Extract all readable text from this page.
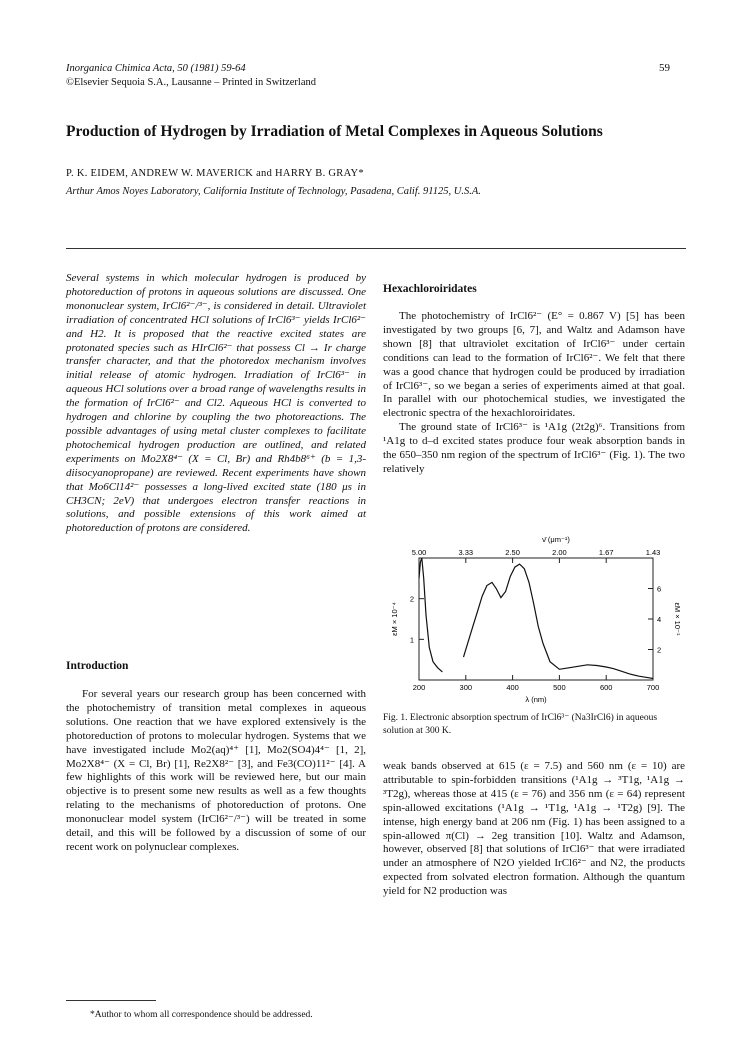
Inorganica Chimica Acta, 50 (1981) 59-64
©Elsevier Sequoia S.A., Lausanne – Printed in Switzerland
59
Production of Hydrogen by Irradiation of Metal Complexes in Aqueous Solutions
P. K. EIDEM, ANDREW W. MAVERICK and HARRY B. GRAY*
Arthur Amos Noyes Laboratory, California Institute of Technology, Pasadena, Calif. 91125, U.S.A.
Several systems in which molecular hydrogen is produced by photoreduction of protons in aqueous solutions are discussed. One mononuclear system, IrCl6²⁻/³⁻, is considered in detail. Ultraviolet irradiation of concentrated HCl solutions of IrCl6³⁻ yields IrCl6²⁻ and H2. It is proposed that the reactive excited states are protonated species such as HIrCl6²⁻ that possess Cl → Ir charge transfer character, and that the photoredox mechanism involves initial release of atomic hydrogen. Irradiation of IrCl6³⁻ in aqueous HCl solutions over a broad range of wavelengths results in the formation of IrCl6²⁻ and Cl2. Aqueous HCl is converted to hydrogen and chlorine by coupling the two photoreactions. The possible advantages of using metal cluster complexes to facilitate photochemical hydrogen production are outlined, and related experiments on Mo2X8⁴⁻ (X = Cl, Br) and Rh4b8⁶⁺ (b = 1,3-diisocyanopropane) are reviewed. Recent experiments have shown that Mo6Cl14²⁻ possesses a long-lived excited state (180 μs in CH3CN; 2eV) that undergoes electron transfer reactions in solutions, and possible extensions of this work aimed at photoreduction of protons are considered.
Introduction

For several years our research group has been concerned with the photochemistry of transition metal complexes in aqueous solutions. One reaction that we have explored extensively is the photoreduction of protons to molecular hydrogen. Systems that we have investigated include Mo2(aq)⁴⁺ [1], Mo2(SO4)4⁴⁻ [1, 2], Mo2X8⁴⁻ (X = Cl, Br) [1], Re2X8²⁻ [3], and Fe3(CO)11²⁻ [4]. A few highlights of this work will be reviewed here, but our main objective is to present some new results as well as a few thoughts relating to the mechanisms of photoreduction of protons. One mononuclear model system (IrCl6²⁻/³⁻) will be treated in some detail, and this will be followed by a discussion of some of our recent work on polynuclear complexes.

*Author to whom all correspondence should be addressed.
Hexachloroiridates

The photochemistry of IrCl6²⁻ (E° = 0.867 V) [5] has been investigated by two groups [6, 7], and Waltz and Adamson have shown [8] that ultraviolet excitation of IrCl6³⁻ under certain conditions can lead to the formation of IrCl6²⁻. We felt that there was a good chance that hydrogen could be produced by irradiation of IrCl6³⁻, so we began a series of experiments aimed at that goal. In parallel with our photochemical studies, we investigated the electronic spectra of the hexachloroiridates.

The ground state of IrCl6³⁻ is ¹A1g (2t2g)⁶. Transitions from ¹A1g to d–d excited states produce four weak absorption bands in the 650–350 nm region of the spectrum of IrCl6³⁻ (Fig. 1). The two relatively

200	300	400	500	600	700
λ (nm)
5.00	3.33	2.50	2.00	1.67	1.43
ν̄ (μm⁻¹)
1
2
εM × 10⁻⁴
2
4
6
εM × 10⁻¹
Fig. 1. Electronic absorption spectrum of IrCl6³⁻ (Na3IrCl6) in aqueous solution at 300 K.

weak bands observed at 615 (ε = 7.5) and 560 nm (ε = 10) are attributable to spin-forbidden transitions (¹A1g → ³T1g, ¹A1g → ³T2g), whereas those at 415 (ε = 76) and 356 nm (ε = 64) represent spin-allowed excitations (¹A1g → ¹T1g, ¹A1g → ¹T2g) [9]. The intense, high energy band at 206 nm (Fig. 1) has been assigned to a spin-allowed π(Cl) → 2eg transition [10]. Waltz and Adamson, however, observed [8] that solutions of IrCl6³⁻ that were irradiated under an atmosphere of N2O yielded IrCl6²⁻ and N2, the products expected from solvated electron formation. Although the quantum yield for N2 production was
